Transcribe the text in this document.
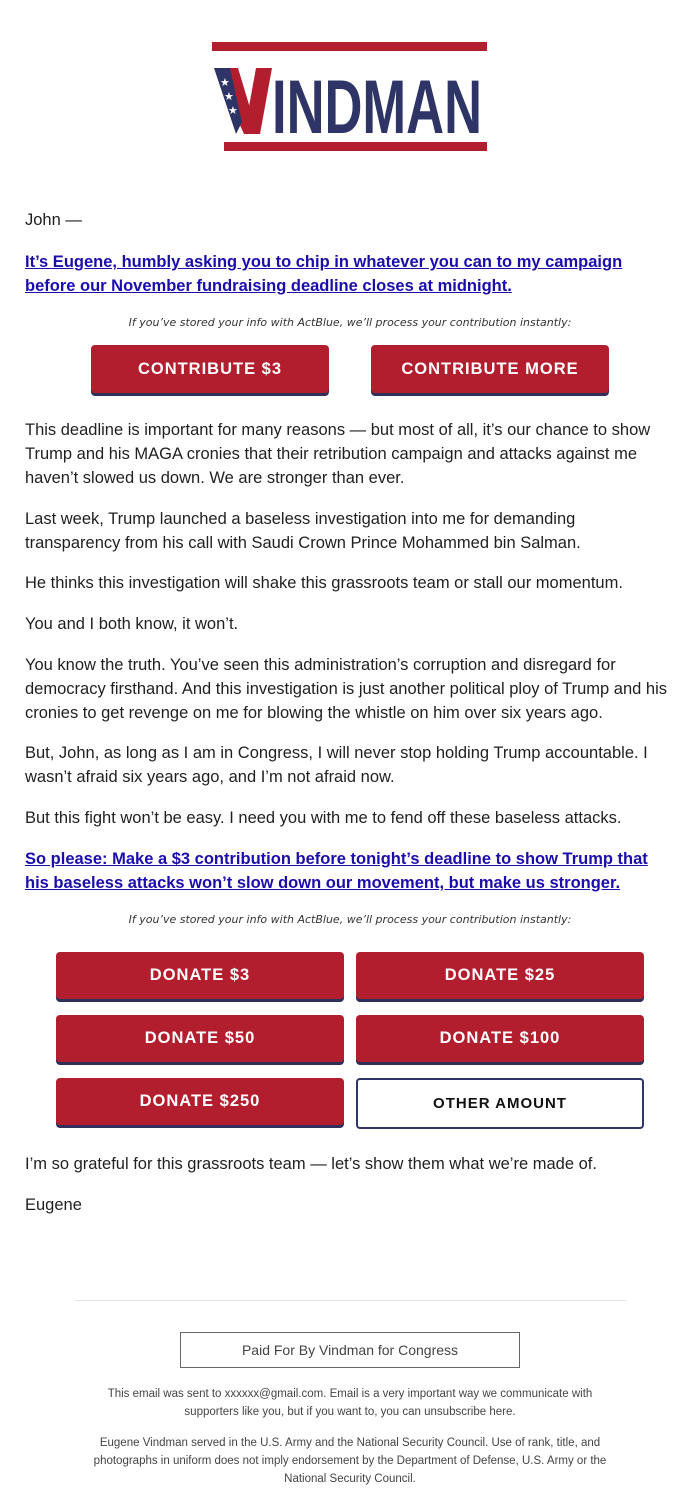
★
★
★ INDMAN

John —

It’s Eugene, humbly asking you to chip in whatever you can to my campaign before our November fundraising deadline closes at midnight.

If you’ve stored your info with ActBlue, we’ll process your contribution instantly:
CONTRIBUTE $3	CONTRIBUTE MORE

This deadline is important for many reasons — but most of all, it’s our chance to show Trump and his MAGA cronies that their retribution campaign and attacks against me haven’t slowed us down. We are stronger than ever.

Last week, Trump launched a baseless investigation into me for demanding transparency from his call with Saudi Crown Prince Mohammed bin Salman.

He thinks this investigation will shake this grassroots team or stall our momentum.

You and I both know, it won’t.

You know the truth. You’ve seen this administration’s corruption and disregard for democracy firsthand. And this investigation is just another political ploy of Trump and his cronies to get revenge on me for blowing the whistle on him over six years ago.

But, John, as long as I am in Congress, I will never stop holding Trump accountable. I wasn’t afraid six years ago, and I’m not afraid now.

But this fight won’t be easy. I need you with me to fend off these baseless attacks.

So please: Make a $3 contribution before tonight’s deadline to show Trump that his baseless attacks won’t slow down our movement, but make us stronger.

If you’ve stored your info with ActBlue, we’ll process your contribution instantly:
DONATE $3	DONATE $25
DONATE $50	DONATE $100
DONATE $250	OTHER AMOUNT

I’m so grateful for this grassroots team — let’s show them what we’re made of.

Eugene

Paid For By Vindman for Congress

This email was sent to xxxxxx@gmail.com. Email is a very important way we communicate with supporters like you, but if you want to, you can unsubscribe here.

Eugene Vindman served in the U.S. Army and the National Security Council. Use of rank, title, and photographs in uniform does not imply endorsement by the Department of Defense, U.S. Army or the National Security Council.
